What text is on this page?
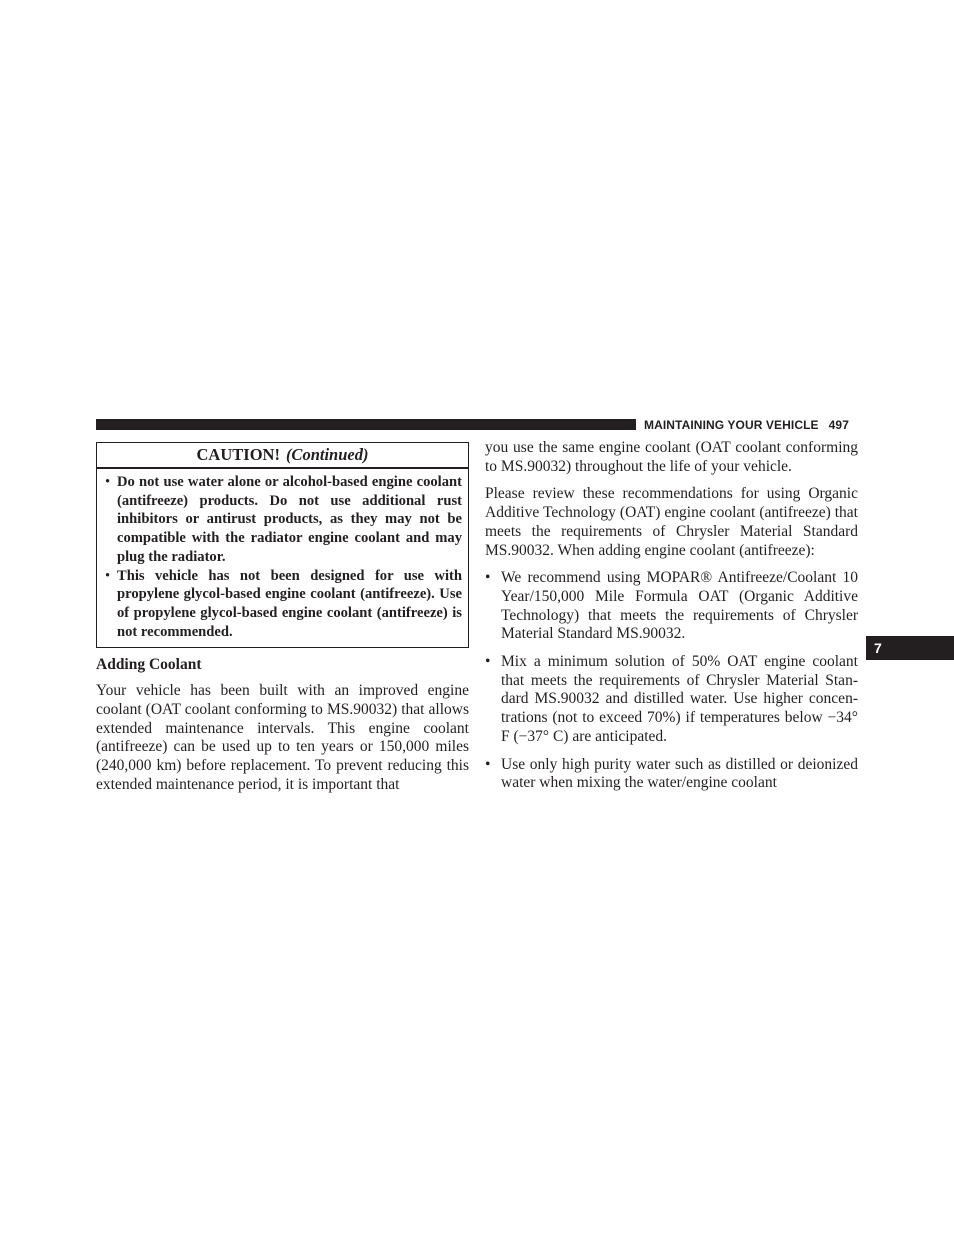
MAINTAINING YOUR VEHICLE 497
7
CAUTION! (Continued)
• Do not use water alone or alcohol-based engine coolant (antifreeze) products. Do not use additional rust inhibitors or antirust products, as they may not be compatible with the radiator engine coolant and may plug the radiator.
• This vehicle has not been designed for use with propylene glycol-based engine coolant (antifreeze). Use of propylene glycol-based engine coolant (antifreeze) is not recommended.
Adding Coolant

Your vehicle has been built with an improved engine coolant (OAT coolant conforming to MS.90032) that allows extended maintenance intervals. This engine coolant (antifreeze) can be used up to ten years or 150,000 miles (240,000 km) before replacement. To prevent reducing this extended maintenance period, it is important that

you use the same engine coolant (OAT coolant conforming to MS.90032) throughout the life of your vehicle.

Please review these recommendations for using Organic Additive Technology (OAT) engine coolant (antifreeze) that meets the requirements of Chrysler Material Standard MS.90032. When adding engine coolant (antifreeze):

• We recommend using MOPAR® Antifreeze/Coolant 10 Year/150,000 Mile Formula OAT (Organic Additive Technology) that meets the requirements of Chrysler Material Standard MS.90032.
• Mix a minimum solution of 50% OAT engine coolant that meets the requirements of Chrysler Material Standard MS.90032 and distilled water. Use higher concentrations (not to exceed 70%) if temperatures below −34° F (−37° C) are anticipated.
• Use only high purity water such as distilled or deionized water when mixing the water/engine coolant
